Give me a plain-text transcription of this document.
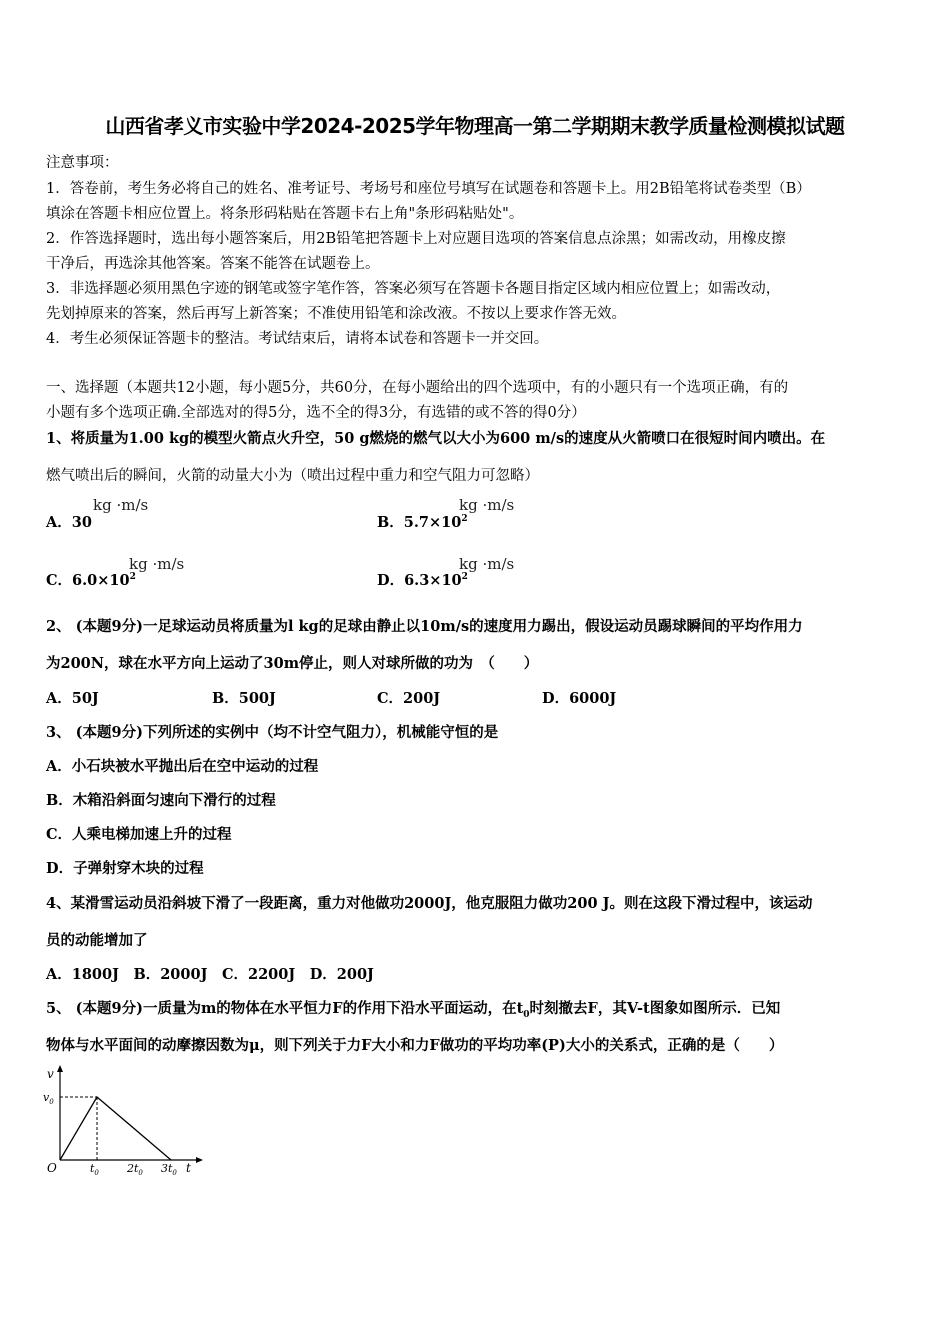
山西省孝义市实验中学2024-2025学年物理高一第二学期期末教学质量检测模拟试题
注意事项：
1．答卷前，考生务必将自己的姓名、准考证号、考场号和座位号填写在试题卷和答题卡上。用2B铅笔将试卷类型（B）
填涂在答题卡相应位置上。将条形码粘贴在答题卡右上角"条形码粘贴处"。
2．作答选择题时，选出每小题答案后，用2B铅笔把答题卡上对应题目选项的答案信息点涂黑；如需改动，用橡皮擦
干净后，再选涂其他答案。答案不能答在试题卷上。
3．非选择题必须用黑色字迹的钢笔或签字笔作答，答案必须写在答题卡各题目指定区域内相应位置上；如需改动，
先划掉原来的答案，然后再写上新答案；不准使用铅笔和涂改液。不按以上要求作答无效。
4．考生必须保证答题卡的整洁。考试结束后，请将本试卷和答题卡一并交回。
一、选择题（本题共12小题，每小题5分，共60分，在每小题给出的四个选项中，有的小题只有一个选项正确，有的
小题有多个选项正确.全部选对的得5分，选不全的得3分，有选错的或不答的得0分）
1、将质量为1.00 kg的模型火箭点火升空，50 g燃烧的燃气以大小为600 m/s的速度从火箭喷口在很短时间内喷出。在
燃气喷出后的瞬间，火箭的动量大小为（喷出过程中重力和空气阻力可忽略）
A．30
kg ·m/s
B．$5.7\times 10^2$
kg ·m/s
C．$6.0\times 10^2$
kg ·m/s
D．$6.3\times 10^2$
kg ·m/s
2、 (本题9分)一足球运动员将质量为l kg的足球由静止以10m/s的速度用力踢出，假设运动员踢球瞬间的平均作用力
为200N，球在水平方向上运动了30m停止，则人对球所做的功为　（　　）
A．50J	B．500J	C．200J	D．6000J
3、 (本题9分)下列所述的实例中（均不计空气阻力），机械能守恒的是
A．小石块被水平抛出后在空中运动的过程
B．木箱沿斜面匀速向下滑行的过程
C．人乘电梯加速上升的过程
D．子弹射穿木块的过程
4、某滑雪运动员沿斜坡下滑了一段距离，重力对他做功2000J，他克服阻力做功200 J。则在这段下滑过程中，该运动
员的动能增加了
A．1800J　B．2000J　C．2200J　D．200J
5、 (本题9分)一质量为m的物体在水平恒力F的作用下沿水平面运动，在$t_0$时刻撤去F，其V-t图象如图所示．已知
物体与水平面间的动摩擦因数为μ，则下列关于力F大小和力F做功的平均功率(P)大小的关系式，正确的是（　　）
v
$v_0$
O	$t_0$	$2t_0$ $3t_0$ t
